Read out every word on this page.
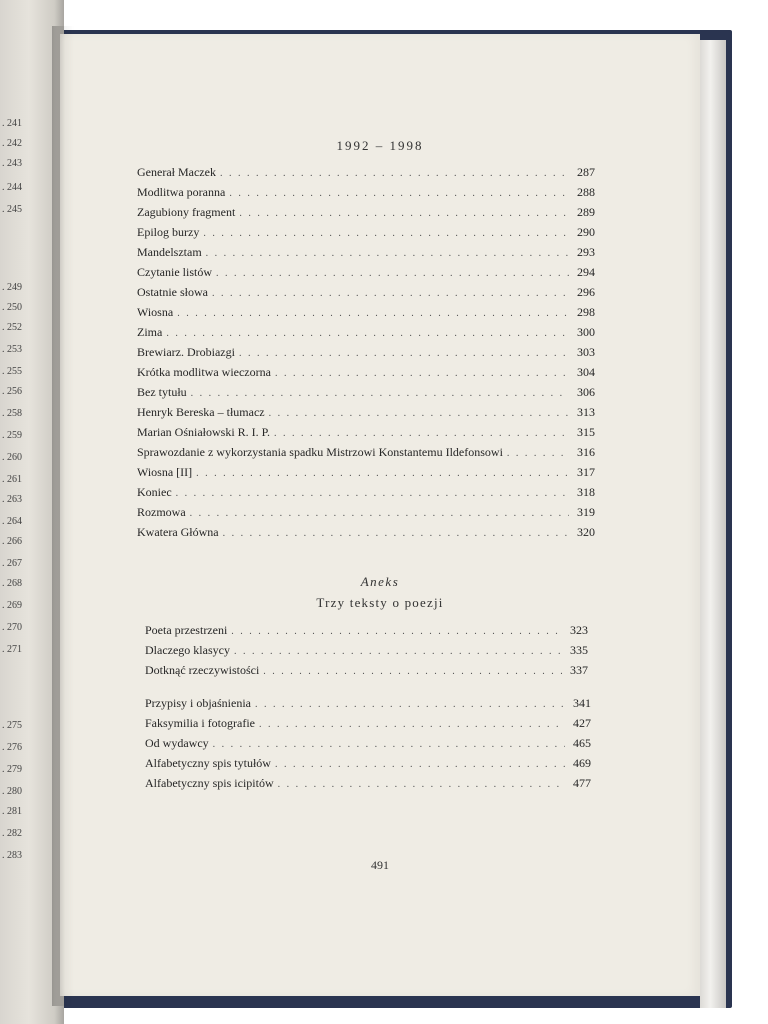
. 241
. 242
. 243
. 244
. 245
. 249
. 250
. 252
. 253
. 255
. 256
. 258
. 259
. 260
. 261
. 263
. 264
. 266
. 267
. 268
. 269
. 270
. 271
. 275
. 276
. 279
. 280
. 281
. 282
. 283
1992 – 1998
Aneks
Trzy teksty o poezji
491
Generał Maczek . . .	287
Modlitwa poranna . . .	288
Zagubiony fragment . . .	289
Epilog burzy . . .	290
Mandelsztam . . .	293
Czytanie listów . . .	294
Ostatnie słowa . . .	296
Wiosna . . .	298
Zima . . .	300
Brewiarz. Drobiazgi . . .	303
Krótka modlitwa wieczorna . . .	304
Bez tytułu . . .	306
Henryk Bereska – tłumacz . . .	313
Marian Ośniałowski R. I. P. . . .	315
Sprawozdanie z wykorzystania spadku Mistrzowi Konstantemu Ildefonsowi . . .	316
Wiosna [II] . . .	317
Koniec . . .	318
Rozmowa . . .	319
Kwatera Główna . . .	320
Poeta przestrzeni . . .	323
Dlaczego klasycy . . .	335
Dotknąć rzeczywistości . . .	337
Przypisy i objaśnienia . . .	341
Faksymilia i fotografie . . .	427
Od wydawcy . . .	465
Alfabetyczny spis tytułów . . .	469
Alfabetyczny spis icipitów . . .	477
